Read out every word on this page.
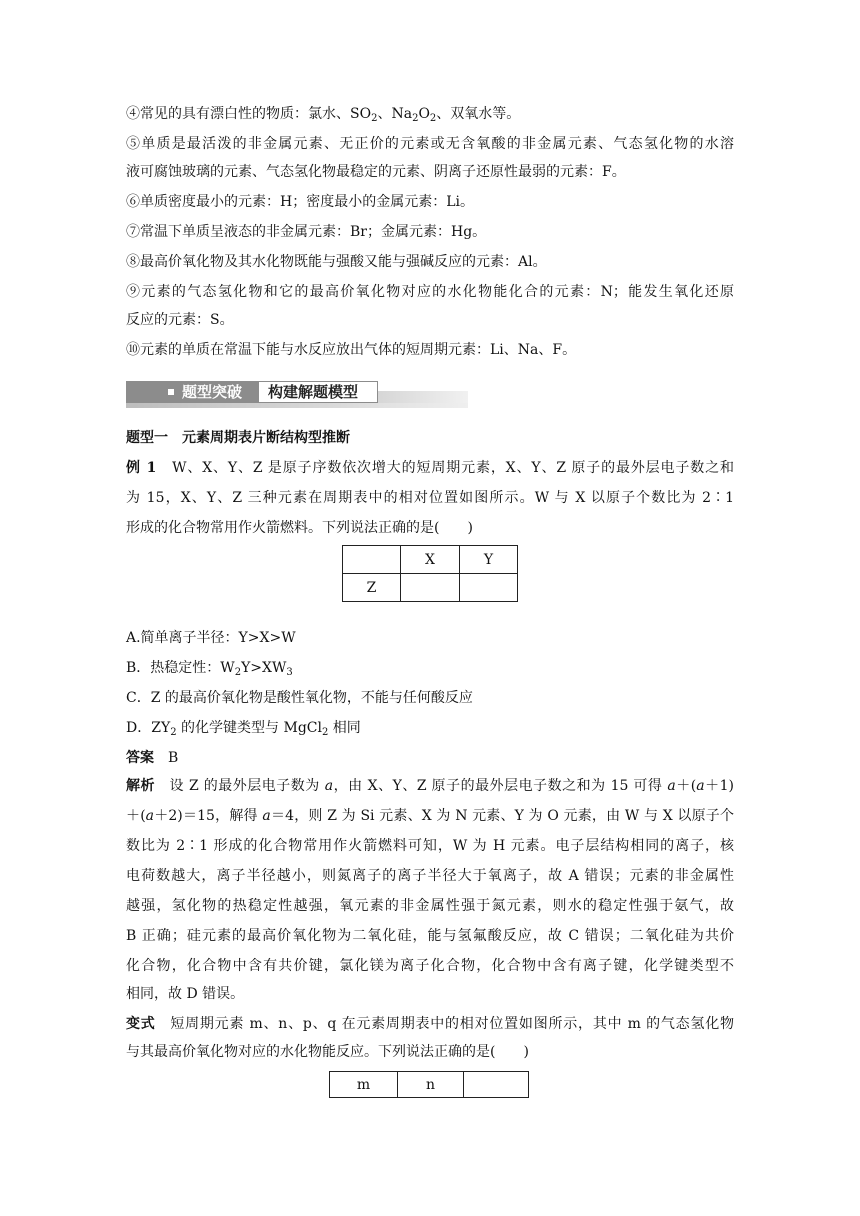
④常见的具有漂白性的物质：氯水、$SO_2$、$Na_2O_2$、双氧水等。
⑤单质是最活泼的非金属元素、无正价的元素或无含氧酸的非金属元素、气态氢化物的水溶
液可腐蚀玻璃的元素、气态氢化物最稳定的元素、阴离子还原性最弱的元素：F。
⑥单质密度最小的元素：H；密度最小的金属元素：Li。
⑦常温下单质呈液态的非金属元素：Br；金属元素：Hg。
⑧最高价氧化物及其水化物既能与强酸又能与强碱反应的元素：Al。
⑨元素的气态氢化物和它的最高价氧化物对应的水化物能化合的元素：N；能发生氧化还原
反应的元素：S。
⑩元素的单质在常温下能与水反应放出气体的短周期元素：Li、Na、F。
题型突破 构建解题模型
题型一　元素周期表片断结构型推断
例 1　 W、X、Y、Z 是原子序数依次增大的短周期元素，X、Y、Z 原子的最外层电子数之和
为 15，X、Y、Z 三种元素在周期表中的相对位置如图所示。W 与 X 以原子个数比为 2∶1
形成的化合物常用作火箭燃料。下列说法正确的是(　　)
	X	Y
Z		
A.简单离子半径：Y>X>W
B．热稳定性：$W_2Y>XW_3$
C．Z 的最高价氧化物是酸性氧化物，不能与任何酸反应
D．$ZY_2$ 的化学键类型与 MgCl$_2$ 相同
答案　 B
解析　 设 Z 的最外层电子数为 a，由 X、Y、Z 原子的最外层电子数之和为 15 可得 a＋(a＋1)
＋(a＋2)＝15，解得 a＝4，则 Z 为 Si 元素、X 为 N 元素、Y 为 O 元素，由 W 与 X 以原子个
数比为 2∶1 形成的化合物常用作火箭燃料可知，W 为 H 元素。电子层结构相同的离子，核
电荷数越大，离子半径越小，则氮离子的离子半径大于氧离子，故 A 错误；元素的非金属性
越强，氢化物的热稳定性越强，氧元素的非金属性强于氮元素，则水的稳定性强于氨气，故
B 正确；硅元素的最高价氧化物为二氧化硅，能与氢氟酸反应，故 C 错误；二氧化硅为共价
化合物，化合物中含有共价键，氯化镁为离子化合物，化合物中含有离子键，化学键类型不
相同，故 D 错误。
变式　 短周期元素 m、n、p、q 在元素周期表中的相对位置如图所示，其中 m 的气态氢化物
与其最高价氧化物对应的水化物能反应。下列说法正确的是(　　)
m	n	
